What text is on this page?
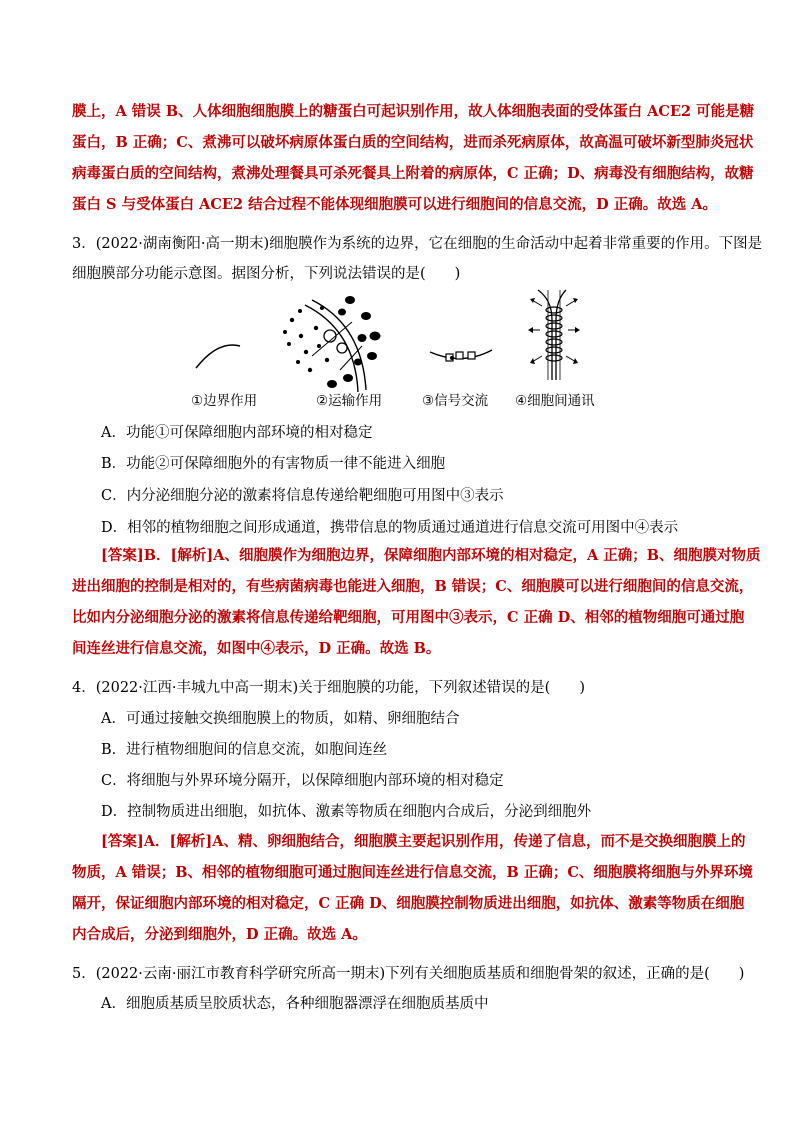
膜上，A 错误 B、人体细胞细胞膜上的糖蛋白可起识别作用，故人体细胞表面的受体蛋白 ACE2 可能是糖
蛋白，B 正确；C、煮沸可以破坏病原体蛋白质的空间结构，进而杀死病原体，故高温可破坏新型肺炎冠状
病毒蛋白质的空间结构，煮沸处理餐具可杀死餐具上附着的病原体，C 正确；D、病毒没有细胞结构，故糖
蛋白 S 与受体蛋白 ACE2 结合过程不能体现细胞膜可以进行细胞间的信息交流，D 正确。故选 A。
3．(2022·湖南衡阳·高一期末)细胞膜作为系统的边界，它在细胞的生命活动中起着非常重要的作用。下图是
细胞膜部分功能示意图。据图分析，下列说法错误的是(　　)
①边界作用	②运输作用	③信号交流 ④细胞间通讯
A．功能①可保障细胞内部环境的相对稳定
B．功能②可保障细胞外的有害物质一律不能进入细胞
C．内分泌细胞分泌的激素将信息传递给靶细胞可用图中③表示
D．相邻的植物细胞之间形成通道，携带信息的物质通过通道进行信息交流可用图中④表示
[答案]B．[解析]A、细胞膜作为细胞边界，保障细胞内部环境的相对稳定，A 正确；B、细胞膜对物质
进出细胞的控制是相对的，有些病菌病毒也能进入细胞，B 错误；C、细胞膜可以进行细胞间的信息交流，
比如内分泌细胞分泌的激素将信息传递给靶细胞，可用图中③表示，C 正确 D、相邻的植物细胞可通过胞
间连丝进行信息交流，如图中④表示，D 正确。故选 B。
4．(2022·江西·丰城九中高一期末)关于细胞膜的功能，下列叙述错误的是(　　)
A．可通过接触交换细胞膜上的物质，如精、卵细胞结合
B．进行植物细胞间的信息交流，如胞间连丝
C．将细胞与外界环境分隔开，以保障细胞内部环境的相对稳定
D．控制物质进出细胞，如抗体、激素等物质在细胞内合成后，分泌到细胞外
[答案]A．[解析]A、精、卵细胞结合，细胞膜主要起识别作用，传递了信息，而不是交换细胞膜上的
物质，A 错误；B、相邻的植物细胞可通过胞间连丝进行信息交流，B 正确；C、细胞膜将细胞与外界环境
隔开，保证细胞内部环境的相对稳定，C 正确 D、细胞膜控制物质进出细胞，如抗体、激素等物质在细胞
内合成后，分泌到细胞外，D 正确。故选 A。
5．(2022·云南·丽江市教育科学研究所高一期末)下列有关细胞质基质和细胞骨架的叙述，正确的是(　　)
A．细胞质基质呈胶质状态，各种细胞器漂浮在细胞质基质中
